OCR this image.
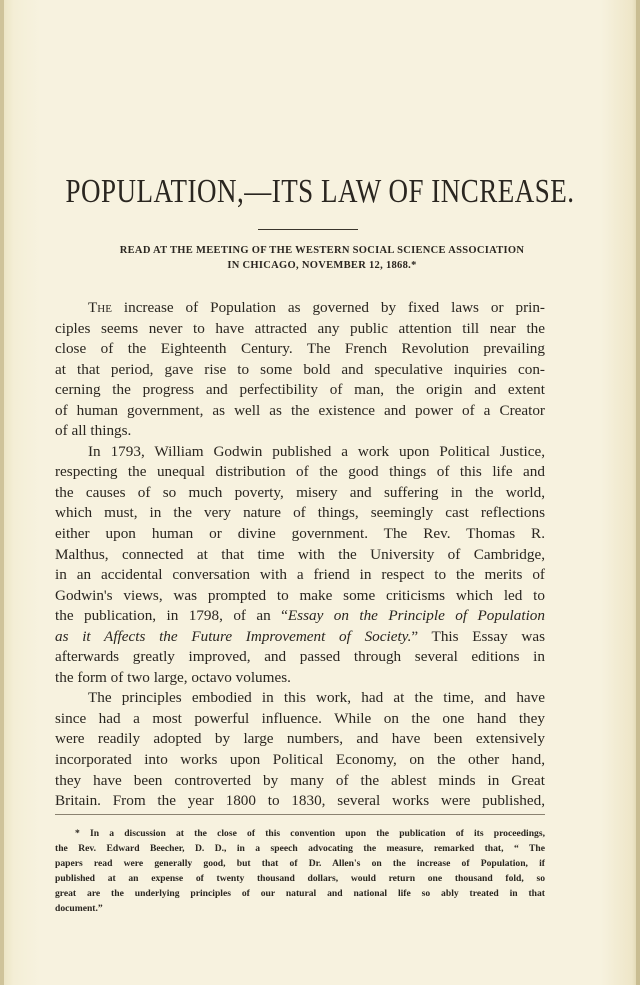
POPULATION,—ITS LAW OF INCREASE.
READ AT THE MEETING OF THE WESTERN SOCIAL SCIENCE ASSOCIATION
IN CHICAGO, NOVEMBER 12, 1868.*
The increase of Population as governed by fixed laws or prin-
ciples seems never to have attracted any public attention till near the
close of the Eighteenth Century. The French Revolution prevailing
at that period, gave rise to some bold and speculative inquiries con-
cerning the progress and perfectibility of man, the origin and extent
of human government, as well as the existence and power of a Creator
of all things.
In 1793, William Godwin published a work upon Political Justice,
respecting the unequal distribution of the good things of this life and
the causes of so much poverty, misery and suffering in the world,
which must, in the very nature of things, seemingly cast reflections
either upon human or divine government. The Rev. Thomas R.
Malthus, connected at that time with the University of Cambridge,
in an accidental conversation with a friend in respect to the merits of
Godwin's views, was prompted to make some criticisms which led to
the publication, in 1798, of an “Essay on the Principle of Population
as it Affects the Future Improvement of Society.” This Essay was
afterwards greatly improved, and passed through several editions in
the form of two large, octavo volumes.
The principles embodied in this work, had at the time, and have
since had a most powerful influence. While on the one hand they
were readily adopted by large numbers, and have been extensively
incorporated into works upon Political Economy, on the other hand,
they have been controverted by many of the ablest minds in Great
Britain. From the year 1800 to 1830, several works were published,
* In a discussion at the close of this convention upon the publication of its proceedings,
the Rev. Edward Beecher, D. D., in a speech advocating the measure, remarked that, “ The
papers read were generally good, but that of Dr. Allen's on the increase of Population, if
published at an expense of twenty thousand dollars, would return one thousand fold, so
great are the underlying principles of our natural and national life so ably treated in that
document.”
